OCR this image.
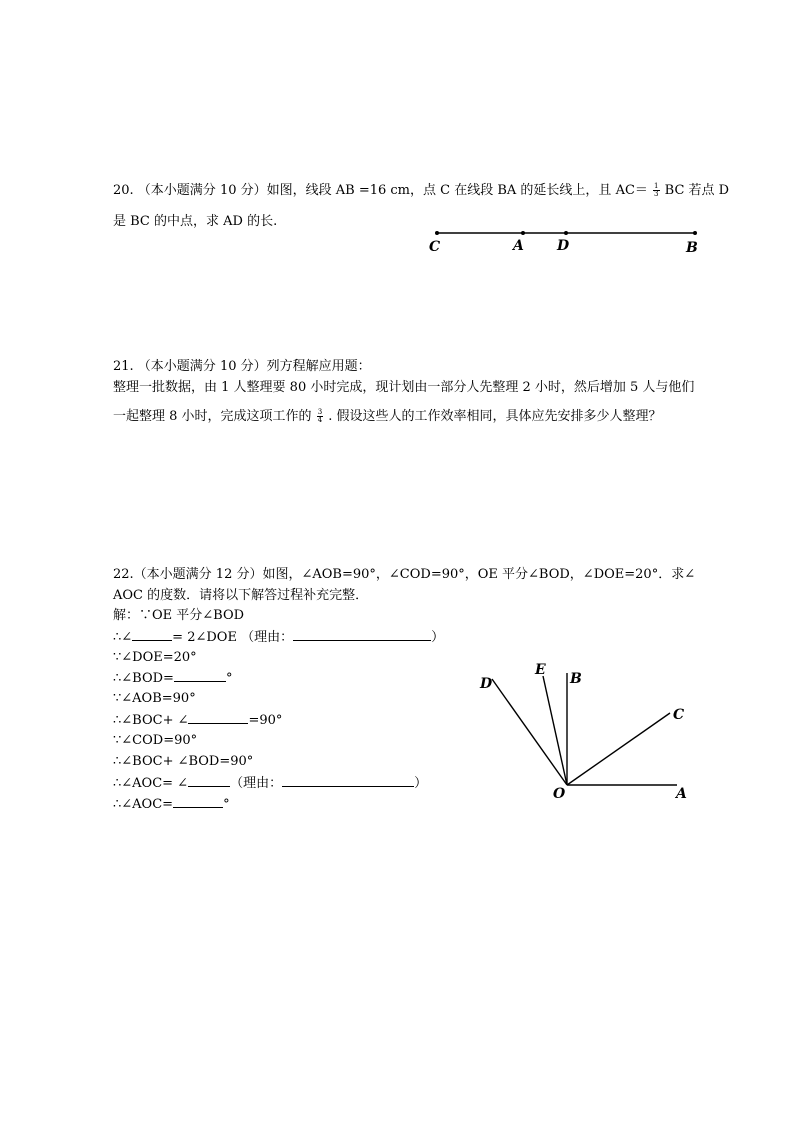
20. （本小题满分 10 分）如图，线段 AB =16 cm，点 C 在线段 BA 的延长线上，且 $AC= \frac{1}{3}$ BC 若点 D
是 BC 的中点，求 AD 的长.
C	A D	B
21. （本小题满分 10 分）列方程解应用题：
整理一批数据，由 1 人整理要 80 小时完成，现计划由一部分人先整理 2 小时，然后增加 5 人与他们
一起整理 8 小时，完成这项工作的 $\frac{3}{4}$ . 假设这些人的工作效率相同，具体应先安排多少人整理？
22.（本小题满分 12 分）如图，∠AOB=90°，∠COD=90°，OE 平分∠BOD，∠DOE=20°．求∠
AOC 的度数．请将以下解答过程补充完整．
解：∵OE 平分∠BOD
∴∠	= 2∠DOE （理由：	）
∵∠DOE=20°
∴∠BOD=	°
∵∠AOB=90°
∴∠BOC+ ∠	=90°
∵∠COD=90°
∴∠BOC+ ∠BOD=90°
∴∠AOC= ∠	（理由：	）
∴∠AOC=	°
D
E
B
C
O	A
